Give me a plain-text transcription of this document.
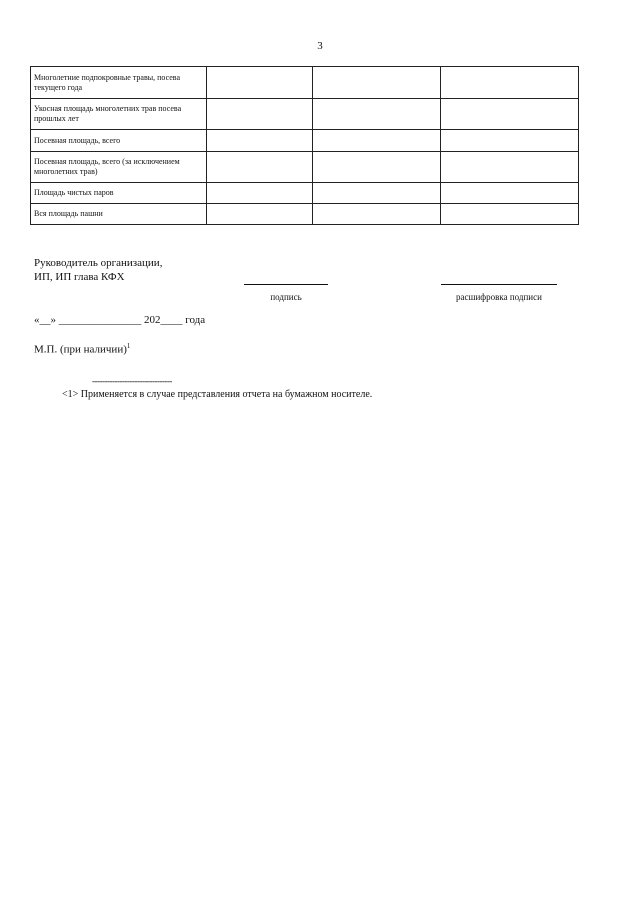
3
Многолетние подпокровные травы, посева текущего года			
Укосная площадь многолетних трав посева прошлых лет			
Посевная площадь, всего			
Посевная площадь, всего (за исключением многолетних трав)			
Площадь чистых паров			
Вся площадь пашни			
Руководитель организации,
ИП, ИП глава КФХ
подпись	расшифровка подписи
«__» _______________ 202____ года
М.П. (при наличии)$^1$
--------------------------------
<1> Применяется в случае представления отчета на бумажном носителе.
